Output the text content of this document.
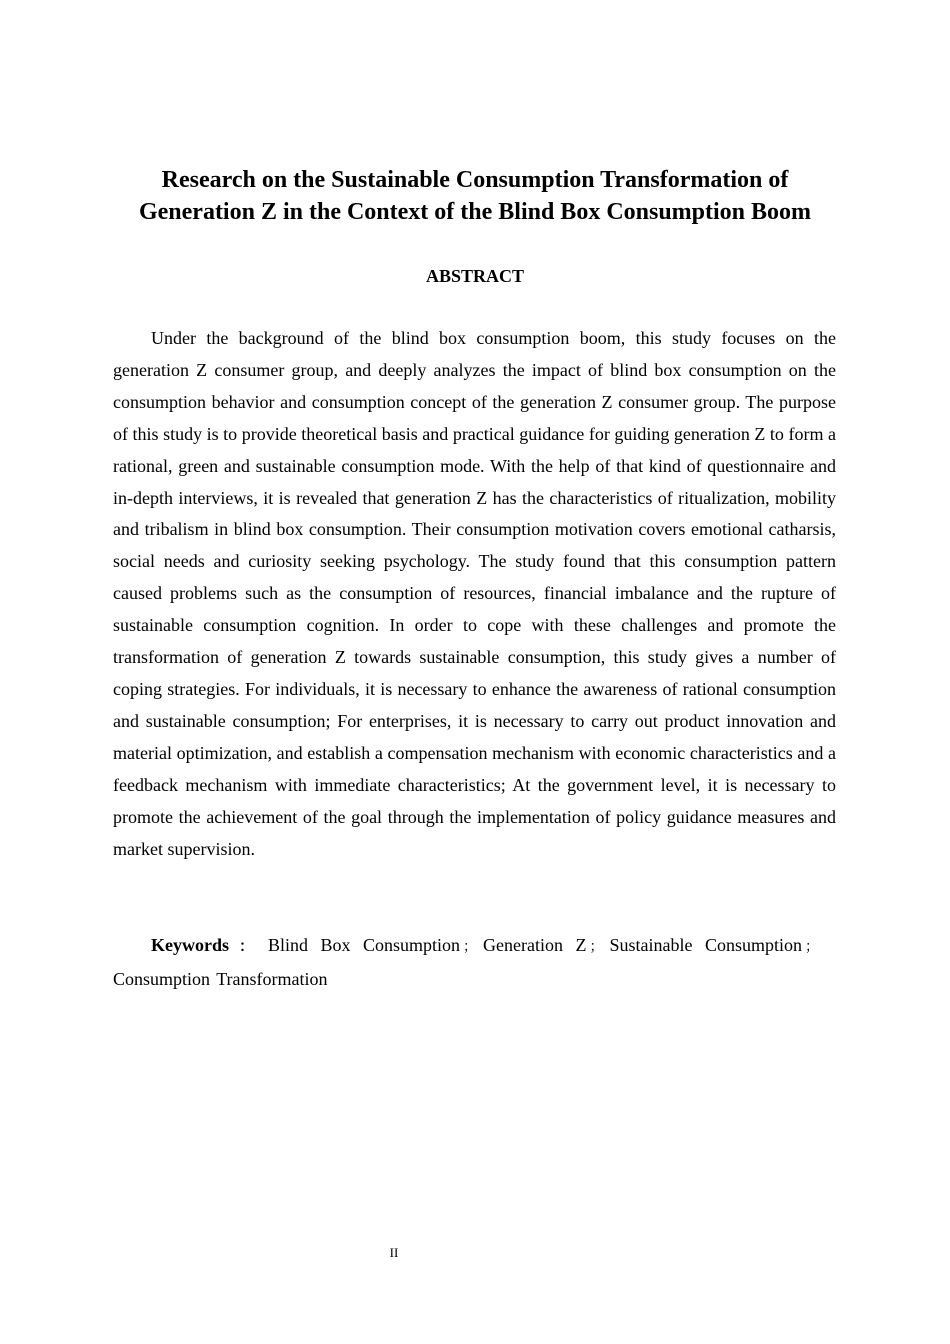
Research on the Sustainable Consumption Transformation of
Generation Z in the Context of the Blind Box Consumption Boom
ABSTRACT

Under the background of the blind box consumption boom, this study focuses on the generation Z consumer group, and deeply analyzes the impact of blind box consumption on the consumption behavior and consumption concept of the generation Z consumer group. The purpose of this study is to provide theoretical basis and practical guidance for guiding generation Z to form a rational, green and sustainable consumption mode. With the help of that kind of questionnaire and in-depth interviews, it is revealed that generation Z has the characteristics of ritualization, mobility and tribalism in blind box consumption. Their consumption motivation covers emotional catharsis, social needs and curiosity seeking psychology. The study found that this consumption pattern caused problems such as the consumption of resources, financial imbalance and the rupture of sustainable consumption cognition. In order to cope with these challenges and promote the transformation of generation Z towards sustainable consumption, this study gives a number of coping strategies. For individuals, it is necessary to enhance the awareness of rational consumption and sustainable consumption; For enterprises, it is necessary to carry out product innovation and material optimization, and establish a compensation mechanism with economic characteristics and a feedback mechanism with immediate characteristics; At the government level, it is necessary to promote the achievement of the goal through the implementation of policy guidance measures and market supervision.

Keywords ： Blind Box Consumption ； Generation Z ； Sustainable Consumption ；Consumption Transformation

II
